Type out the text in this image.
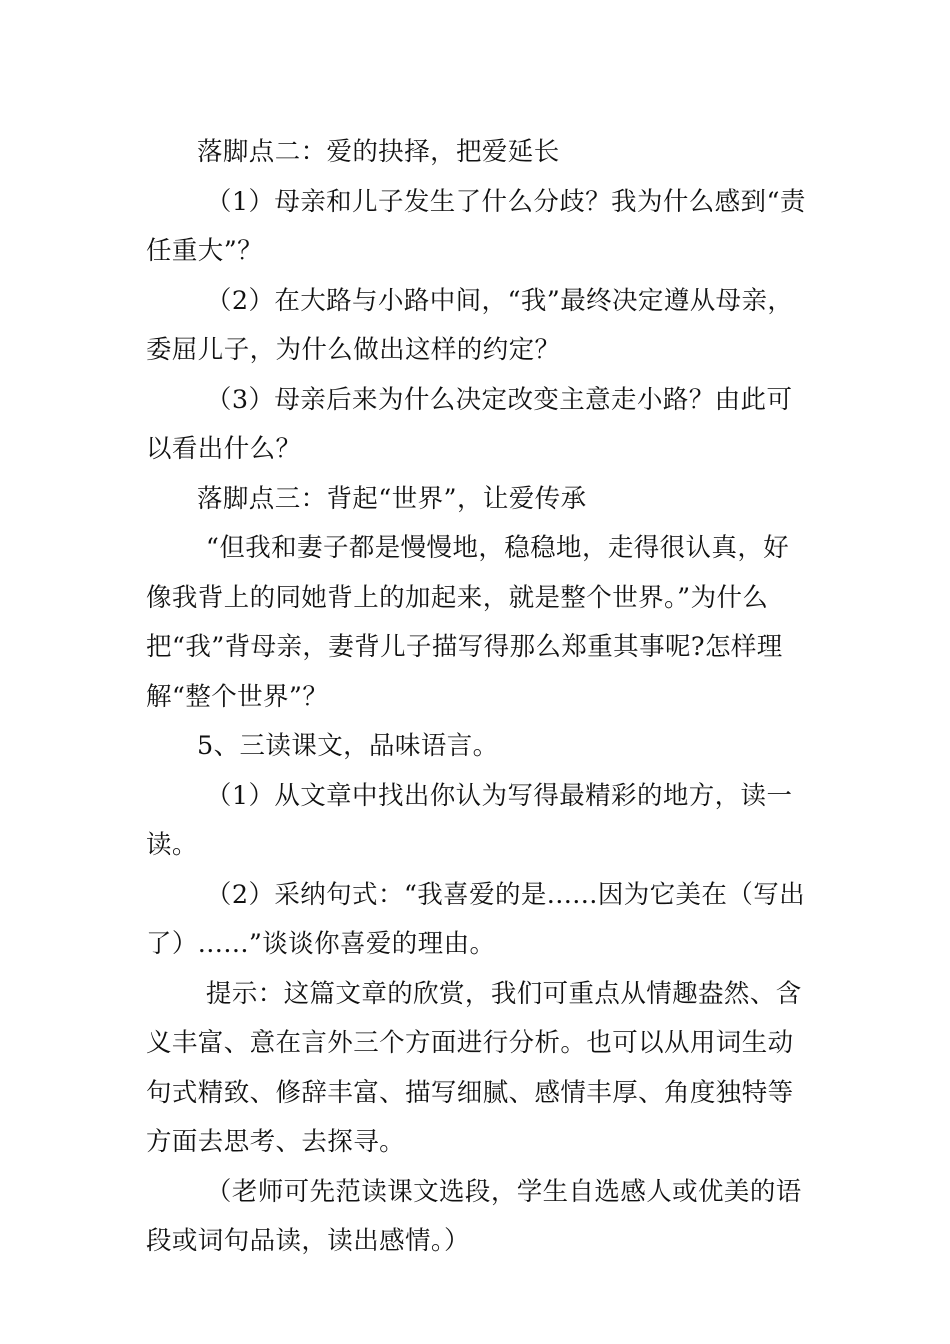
落脚点二：爱的抉择，把爱延长

（1）母亲和儿子发生了什么分歧？我为什么感到“责任重大”？

（2）在大路与小路中间，“我”最终决定遵从母亲，委屈儿子，为什么做出这样的约定？

（3）母亲后来为什么决定改变主意走小路？由此可以看出什么？

落脚点三：背起“世界”，让爱传承

“但我和妻子都是慢慢地，稳稳地，走得很认真，好像我背上的同她背上的加起来，就是整个世界。”为什么把“我”背母亲，妻背儿子描写得那么郑重其事呢?怎样理解“整个世界”？

5、三读课文，品味语言。

（1）从文章中找出你认为写得最精彩的地方，读一读。

（2）采纳句式：“我喜爱的是......因为它美在（写出了）......”谈谈你喜爱的理由。

提示：这篇文章的欣赏，我们可重点从情趣盎然、含义丰富、意在言外三个方面进行分析。也可以从用词生动句式精致、修辞丰富、描写细腻、感情丰厚、角度独特等方面去思考、去探寻。

（老师可先范读课文选段，学生自选感人或优美的语段或词句品读，读出感情。）
